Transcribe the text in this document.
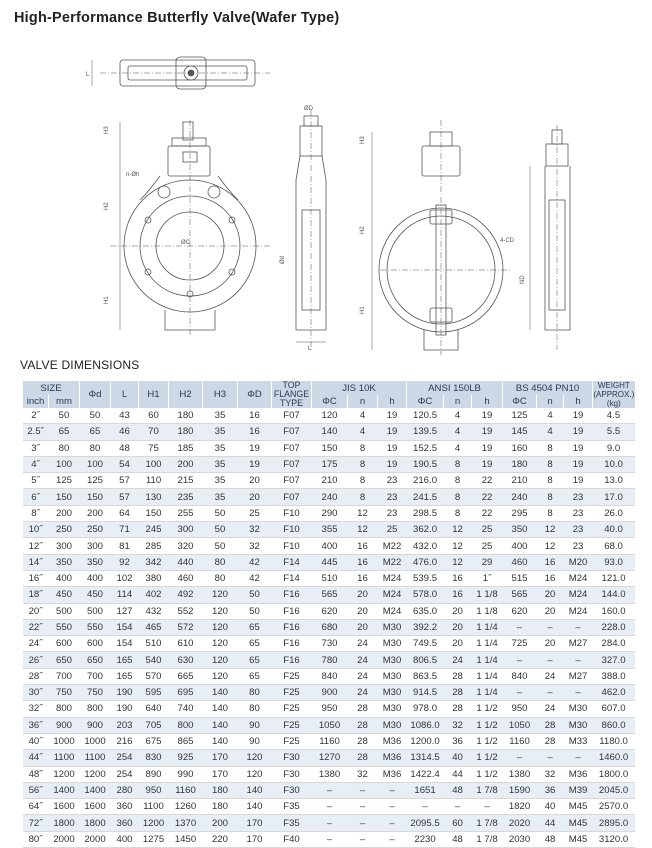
High-Performance Butterfly Valve(Wafer Type)
L
H3
H2
H1
n-Øh
ØC
L
ØD
Ød
H3
H2
H1
4-CD
ND
VALVE DIMENSIONS
SIZE		Φd	L	H1	H2	H3	ΦD	TOP FLANGE TYPE	JIS 10K			ANSI 150LB			BS 4504 PN10			WEIGHT (APPROX.) (kg)
inch	mm								ΦC	n	h	ΦC	n	h	ΦC	n	h	
2˝	50	50	43	60	180	35	16	F07	120	4	19	120.5	4	19	125	4	19	4.5
2.5˝	65	65	46	70	180	35	16	F07	140	4	19	139.5	4	19	145	4	19	5.5
3˝	80	80	48	75	185	35	19	F07	150	8	19	152.5	4	19	160	8	19	9.0
4˝	100	100	54	100	200	35	19	F07	175	8	19	190.5	8	19	180	8	19	10.0
5˝	125	125	57	110	215	35	20	F07	210	8	23	216.0	8	22	210	8	19	13.0
6˝	150	150	57	130	235	35	20	F07	240	8	23	241.5	8	22	240	8	23	17.0
8˝	200	200	64	150	255	50	25	F10	290	12	23	298.5	8	22	295	8	23	26.0
10˝	250	250	71	245	300	50	32	F10	355	12	25	362.0	12	25	350	12	23	40.0
12˝	300	300	81	285	320	50	32	F10	400	16	M22	432.0	12	25	400	12	23	68.0
14˝	350	350	92	342	440	80	42	F14	445	16	M22	476.0	12	29	460	16	M20	93.0
16˝	400	400	102	380	460	80	42	F14	510	16	M24	539.5	16	1˝	515	16	M24	121.0
18˝	450	450	114	402	492	120	50	F16	565	20	M24	578.0	16	1 1/8	565	20	M24	144.0
20˝	500	500	127	432	552	120	50	F16	620	20	M24	635.0	20	1 1/8	620	20	M24	160.0
22˝	550	550	154	465	572	120	65	F16	680	20	M30	392.2	20	1 1/4	–	–	–	228.0
24˝	600	600	154	510	610	120	65	F16	730	24	M30	749.5	20	1 1/4	725	20	M27	284.0
26˝	650	650	165	540	630	120	65	F16	780	24	M30	806.5	24	1 1/4	–	–	–	327.0
28˝	700	700	165	570	665	120	65	F25	840	24	M30	863.5	28	1 1/4	840	24	M27	388.0
30˝	750	750	190	595	695	140	80	F25	900	24	M30	914.5	28	1 1/4	–	–	–	462.0
32˝	800	800	190	640	740	140	80	F25	950	28	M30	978.0	28	1 1/2	950	24	M30	607.0
36˝	900	900	203	705	800	140	90	F25	1050	28	M30	1086.0	32	1 1/2	1050	28	M30	860.0
40˝	1000	1000	216	675	865	140	90	F25	1160	28	M36	1200.0	36	1 1/2	1160	28	M33	1180.0
44˝	1100	1100	254	830	925	170	120	F30	1270	28	M36	1314.5	40	1 1/2	–	–	–	1460.0
48˝	1200	1200	254	890	990	170	120	F30	1380	32	M36	1422.4	44	1 1/2	1380	32	M36	1800.0
56˝	1400	1400	280	950	1160	180	140	F30	–	–	–	1651	48	1 7/8	1590	36	M39	2045.0
64˝	1600	1600	360	1100	1260	180	140	F35	–	–	–	–	–	–	1820	40	M45	2570.0
72˝	1800	1800	360	1200	1370	200	170	F35	–	–	–	2095.5	60	1 7/8	2020	44	M45	2895.0
80˝	2000	2000	400	1275	1450	220	170	F40	–	–	–	2230	48	1 7/8	2030	48	M45	3120.0
